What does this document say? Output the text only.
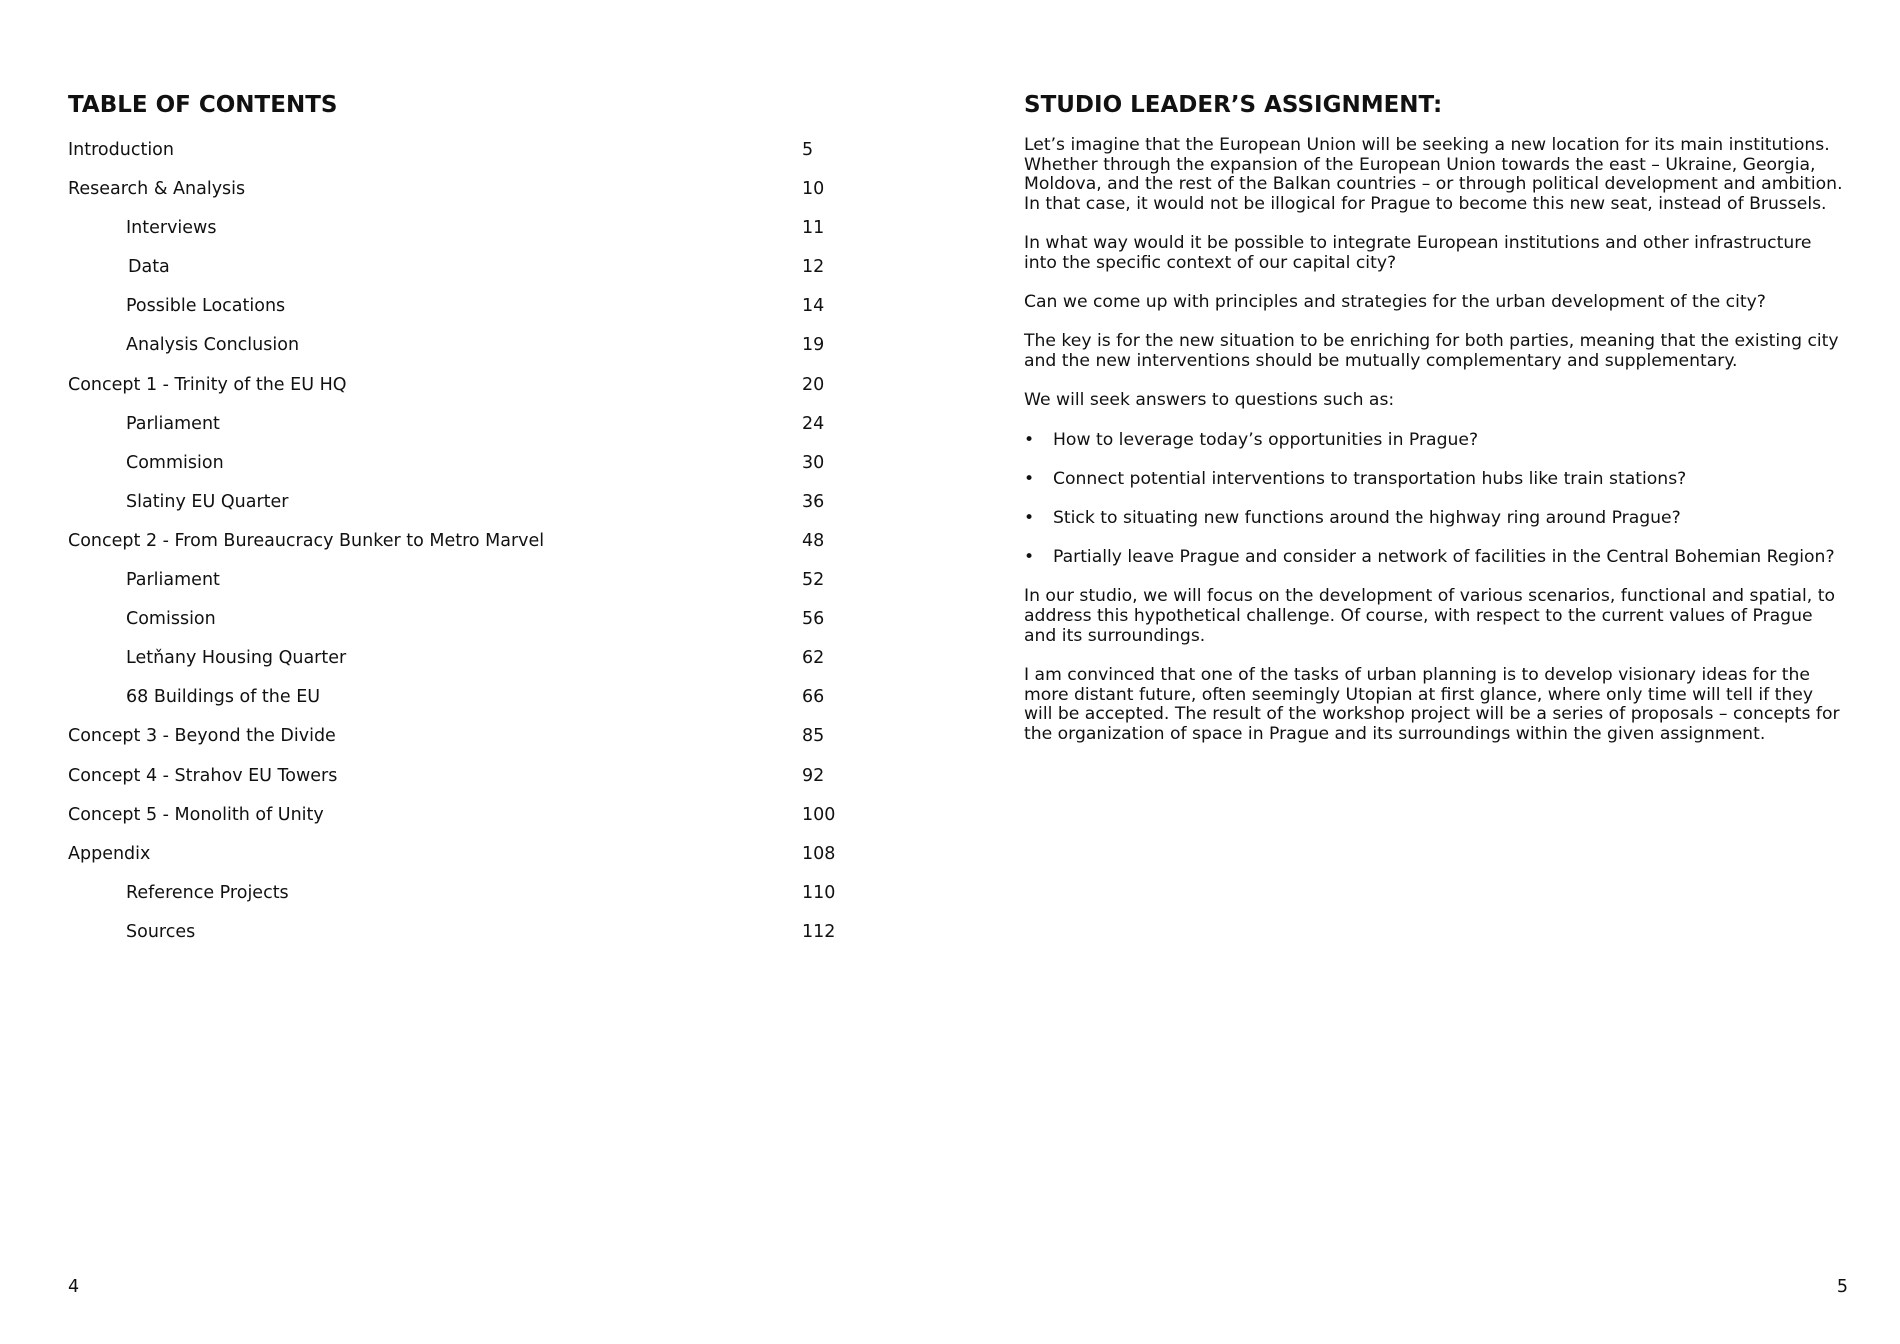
TABLE OF CONTENTS
Introduction	5
Research & Analysis	10
Interviews	11
Data	12
Possible Locations	14
Analysis Conclusion	19
Concept 1 - Trinity of the EU HQ	20
Parliament	24
Commision	30
Slatiny EU Quarter	36
Concept 2 - From Bureaucracy Bunker to Metro Marvel	48
Parliament	52
Comission	56
Letňany Housing Quarter	62
68 Buildings of the EU	66
Concept 3 - Beyond the Divide	85
Concept 4 - Strahov EU Towers	92
Concept 5 - Monolith of Unity	100
Appendix	108
Reference Projects	110
Sources	112
4
STUDIO LEADER’S ASSIGNMENT:

Let’s imagine that the European Union will be seeking a new location for its main institutions. Whether through the expansion of the European Union towards the east – Ukraine, Georgia, Moldova, and the rest of the Balkan countries – or through political development and ambition. In that case, it would not be illogical for Prague to become this new seat, instead of Brussels.

In what way would it be possible to integrate European institutions and other infrastructure into the specific context of our capital city?

Can we come up with principles and strategies for the urban development of the city?

The key is for the new situation to be enriching for both parties, meaning that the existing city and the new interventions should be mutually complementary and supplementary.

We will seek answers to questions such as:

• How to leverage today’s opportunities in Prague?
• Connect potential interventions to transportation hubs like train stations?
• Stick to situating new functions around the highway ring around Prague?
• Partially leave Prague and consider a network of facilities in the Central Bohemian Region?

In our studio, we will focus on the development of various scenarios, functional and spatial, to address this hypothetical challenge. Of course, with respect to the current values of Prague and its surroundings.

I am convinced that one of the tasks of urban planning is to develop visionary ideas for the more distant future, often seemingly Utopian at first glance, where only time will tell if they will be accepted. The result of the workshop project will be a series of proposals – concepts for the organization of space in Prague and its surroundings within the given assignment.

5
